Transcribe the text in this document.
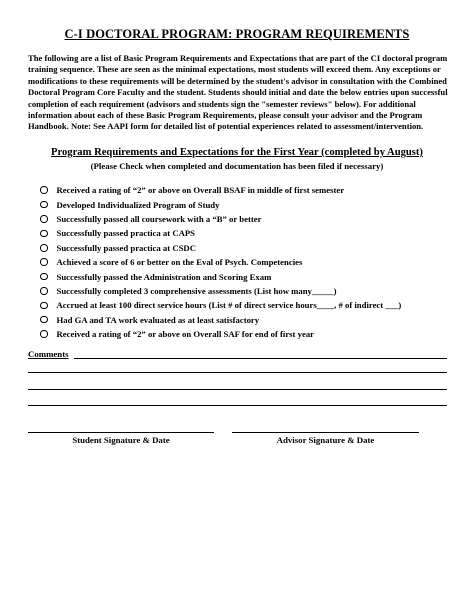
C-I DOCTORAL PROGRAM: PROGRAM REQUIREMENTS

The following are a list of Basic Program Requirements and Expectations that are part of the CI doctoral program training sequence. These are seen as the minimal expectations, most students will exceed them. Any exceptions or modifications to these requirements will be determined by the student's advisor in consultation with the Combined Doctoral Program Core Faculty and the student. Students should initial and date the below entries upon successful completion of each requirement (advisors and students sign the "semester reviews" below). For additional information about each of these Basic Program Requirements, please consult your advisor and the Program Handbook. Note: See AAPI form for detailed list of potential experiences related to assessment/intervention.

Program Requirements and Expectations for the First Year (completed by August)
(Please Check when completed and documentation has been filed if necessary)
Received a rating of “2” or above on Overall BSAF in middle of first semester
Developed Individualized Program of Study
Successfully passed all coursework with a “B” or better
Successfully passed practica at CAPS
Successfully passed practica at CSDC
Achieved a score of 6 or better on the Eval of Psych. Competencies
Successfully passed the Administration and Scoring Exam
Successfully completed 3 comprehensive assessments (List how many_____)
Accrued at least 100 direct service hours (List # of direct service hours____, # of indirect ___)
Had GA and TA work evaluated as at least satisfactory
Received a rating of “2” or above on Overall SAF for end of first year
Comments
Student Signature & Date	Advisor Signature & Date
